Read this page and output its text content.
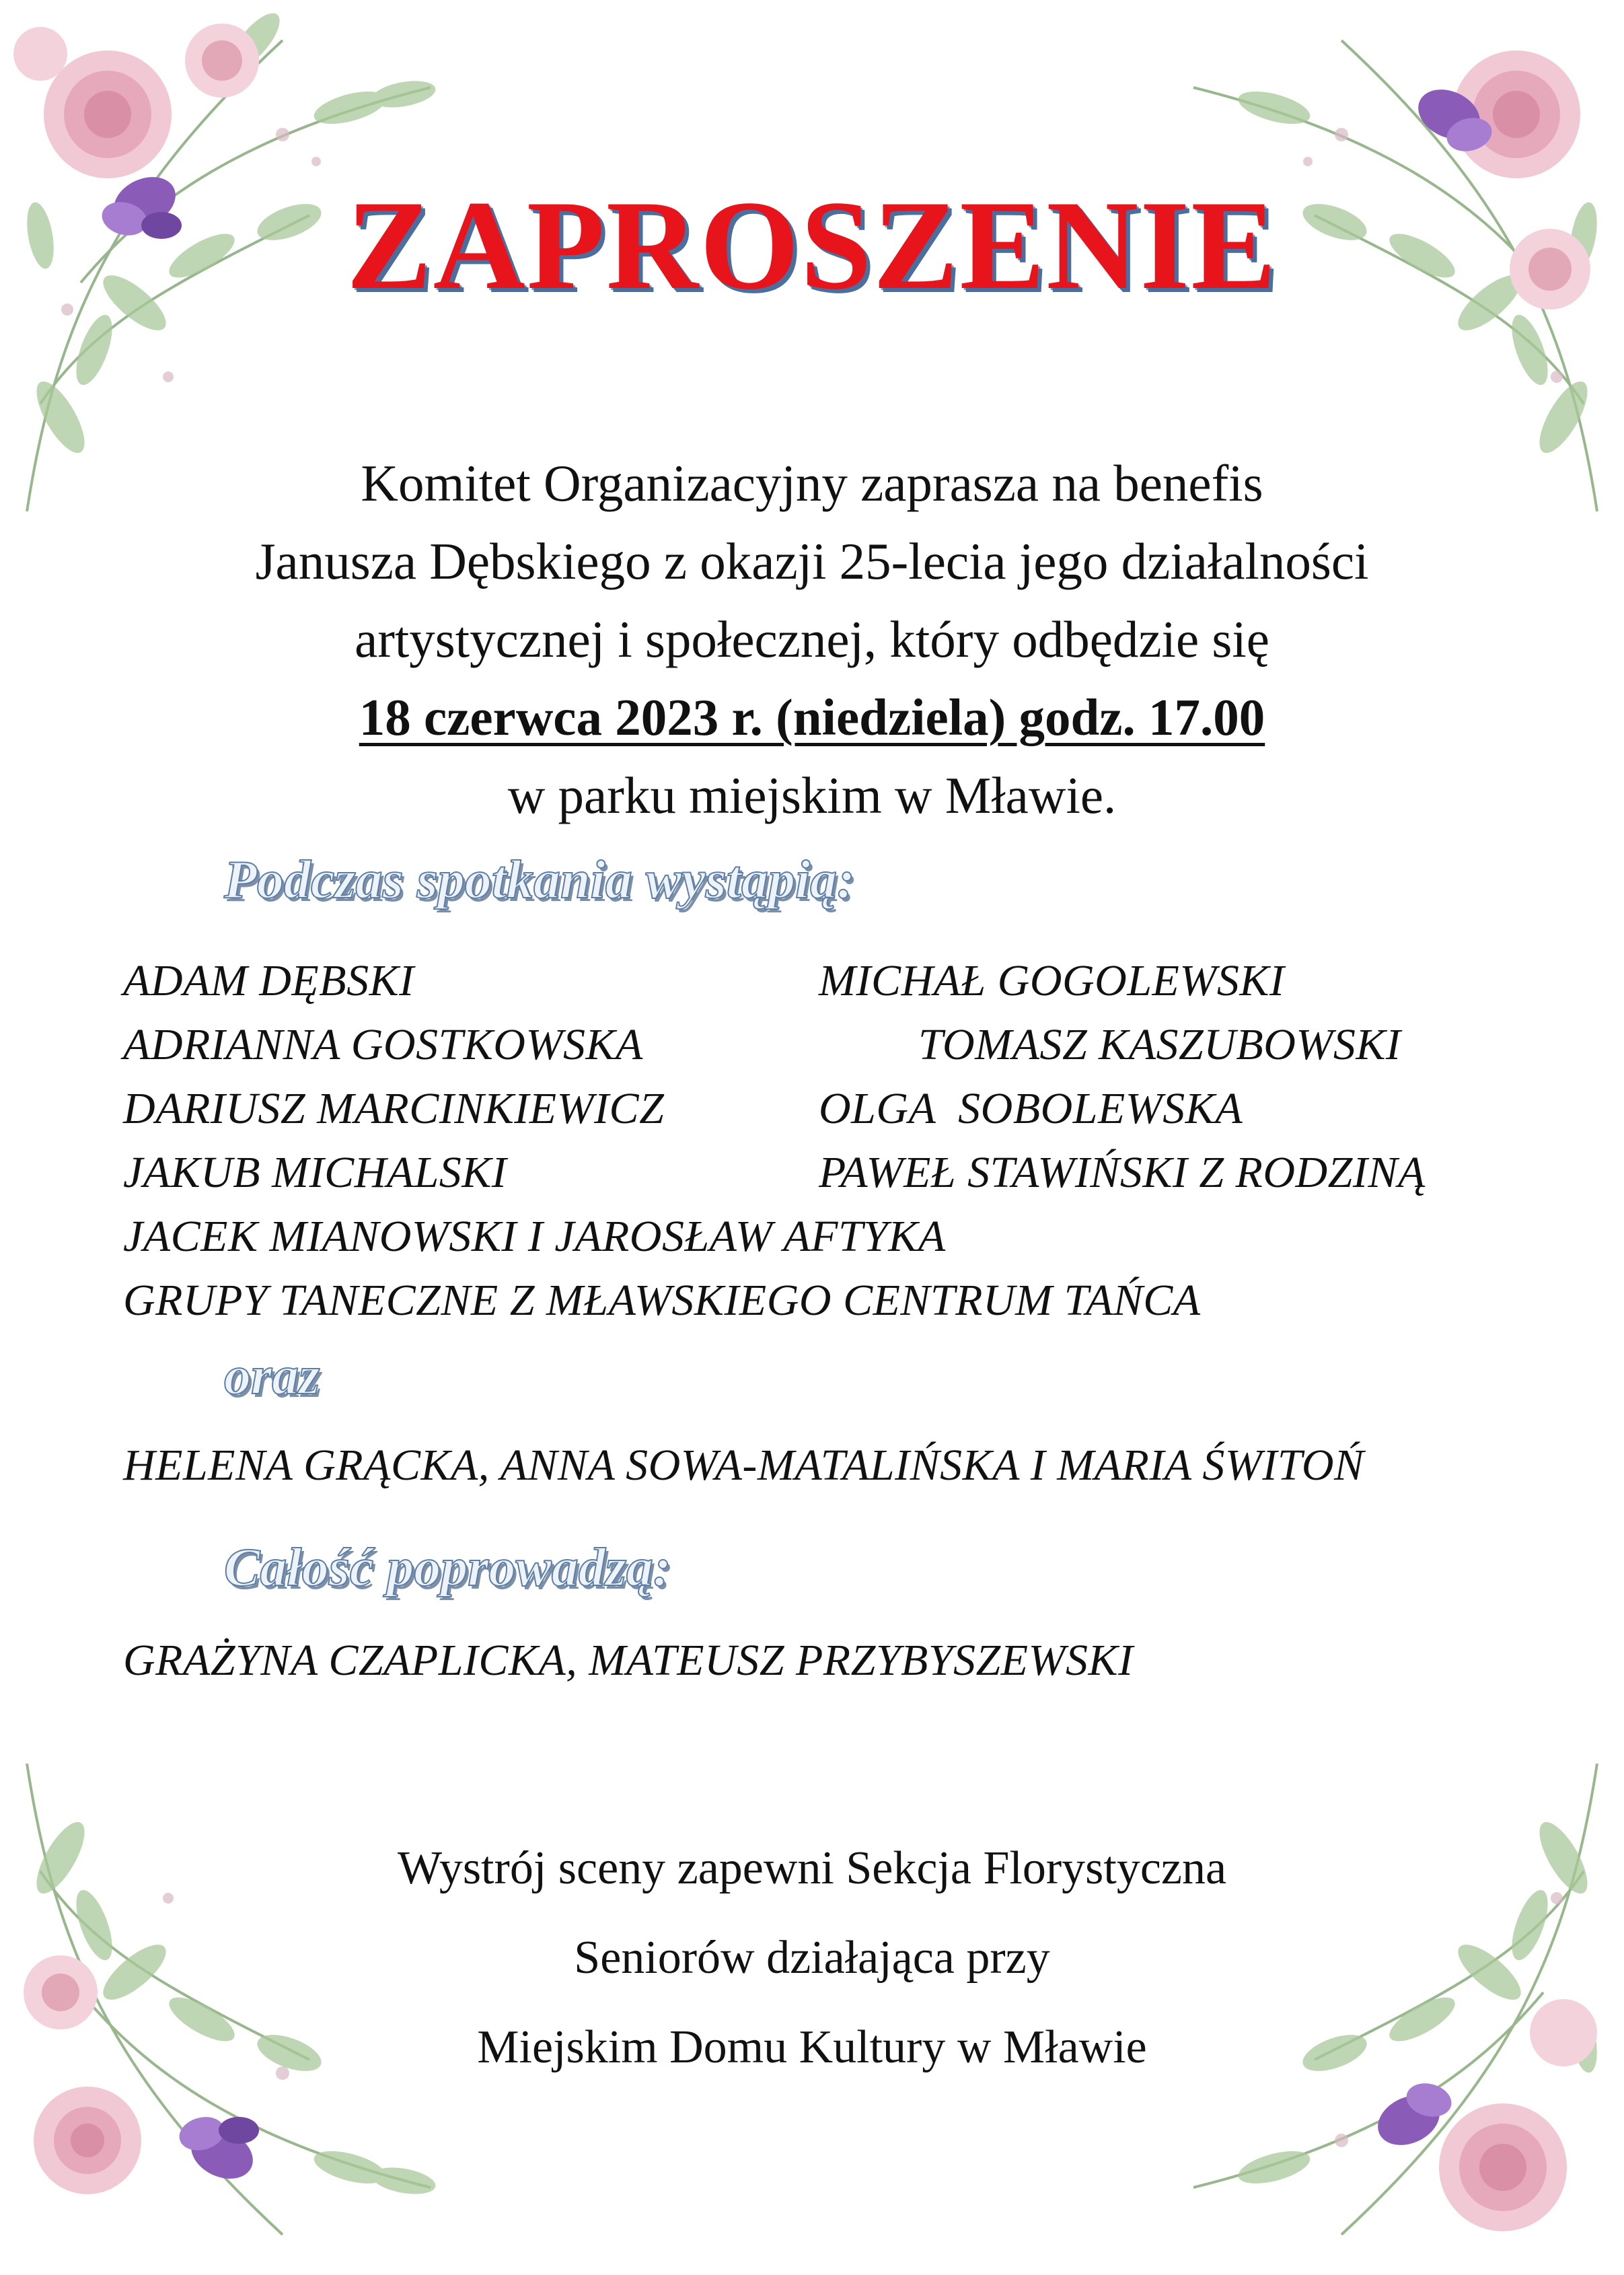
ZAPROSZENIE
Komitet Organizacyjny zaprasza na benefis
Janusza Dębskiego z okazji 25-lecia jego działalności
artystycznej i społecznej, który odbędzie się
18 czerwca 2023 r. (niedziela) godz. 17.00
w parku miejskim w Mławie.
Podczas spotkania wystąpią:
ADAM DĘBSKI	MICHAŁ GOGOLEWSKI
ADRIANNA GOSTKOWSKA	TOMASZ KASZUBOWSKI
DARIUSZ MARCINKIEWICZ	OLGA  SOBOLEWSKA
JAKUB MICHALSKI	PAWEŁ STAWIŃSKI Z RODZINĄ
JACEK MIANOWSKI I JAROSŁAW AFTYKA
GRUPY TANECZNE Z MŁAWSKIEGO CENTRUM TAŃCA
oraz
HELENA GRĄCKA, ANNA SOWA-MATALIŃSKA I MARIA ŚWITOŃ
Całość poprowadzą:
GRAŻYNA CZAPLICKA, MATEUSZ PRZYBYSZEWSKI
Wystrój sceny zapewni Sekcja Florystyczna
Seniorów działająca przy
Miejskim Domu Kultury w Mławie
